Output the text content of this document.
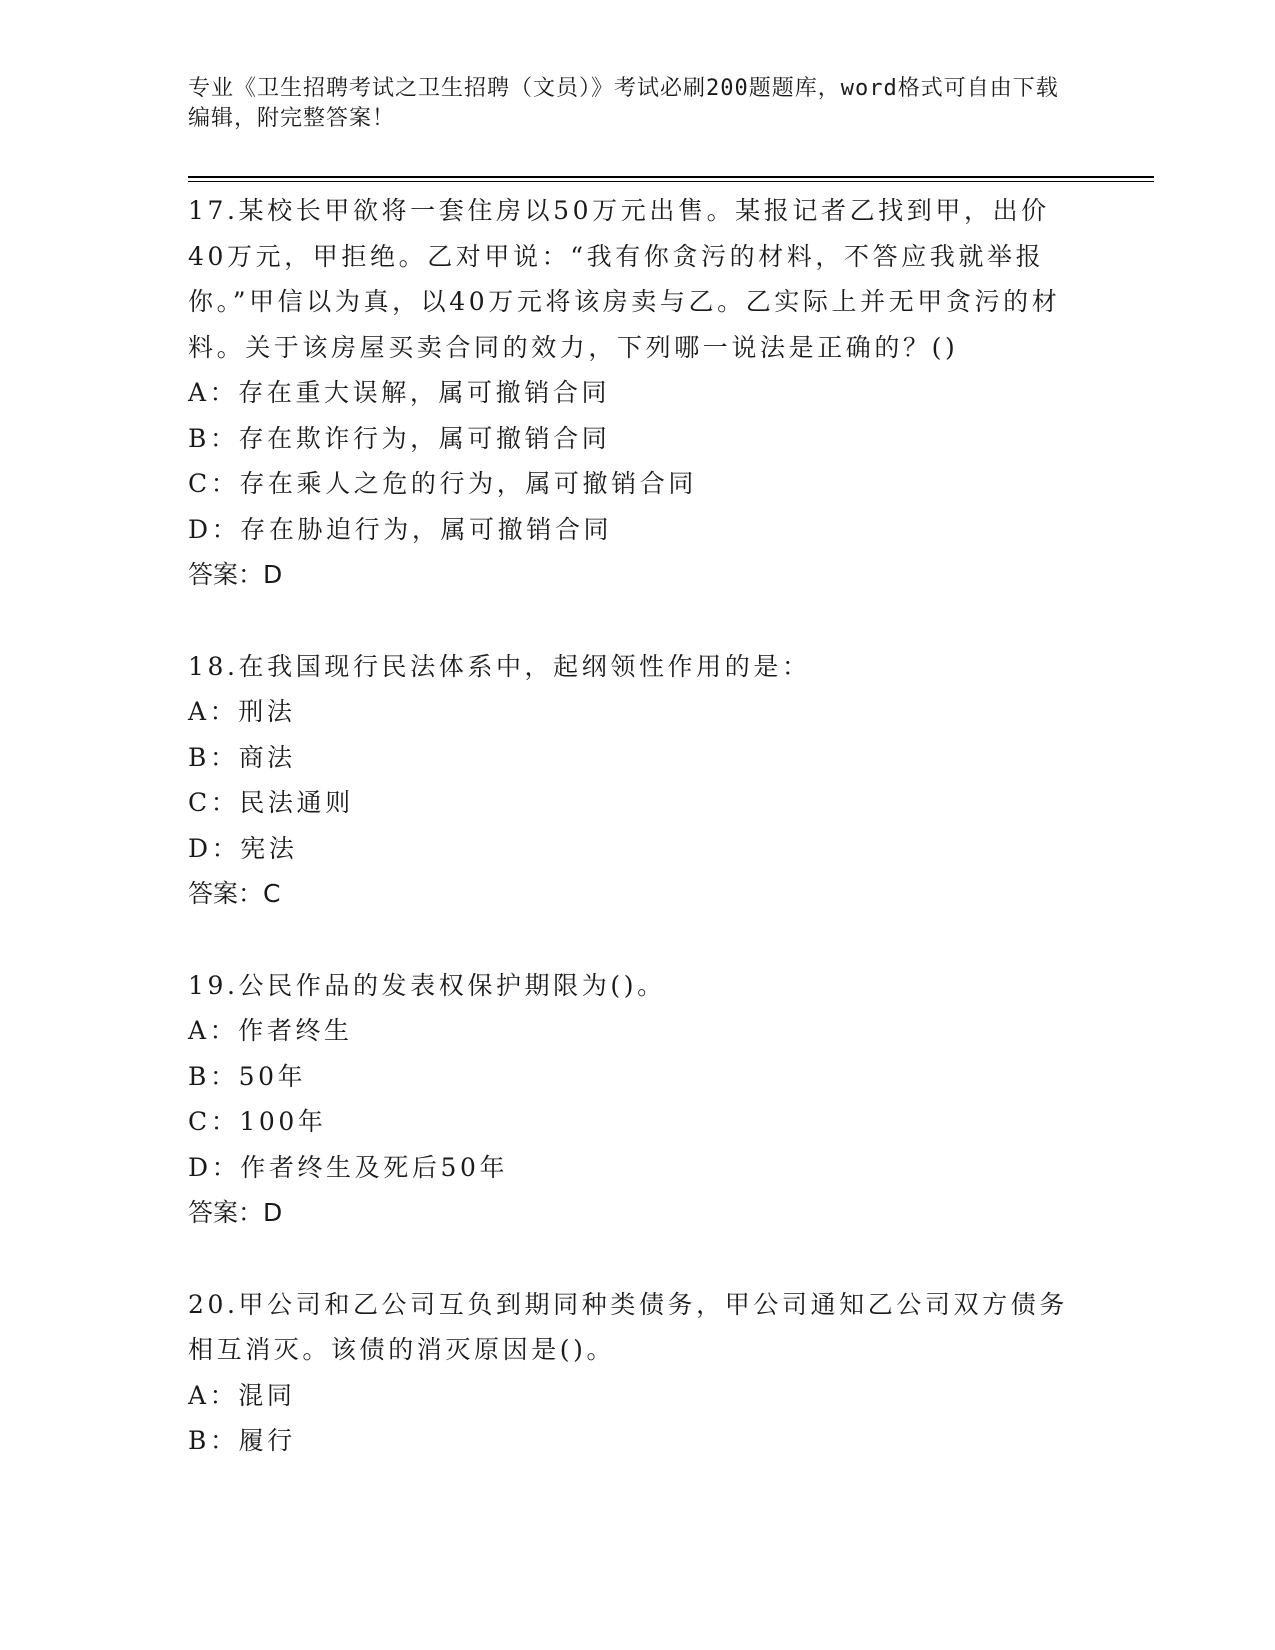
专业《卫生招聘考试之卫生招聘（文员）》考试必刷200题题库，word格式可自由下载编辑，附完整答案！

17.某校长甲欲将一套住房以50万元出售。某报记者乙找到甲，出价40万元，甲拒绝。乙对甲说：“我有你贪污的材料，不答应我就举报你。”甲信以为真，以40万元将该房卖与乙。乙实际上并无甲贪污的材料。关于该房屋买卖合同的效力，下列哪一说法是正确的？()

A：存在重大误解，属可撤销合同

B：存在欺诈行为，属可撤销合同

C：存在乘人之危的行为，属可撤销合同

D：存在胁迫行为，属可撤销合同

答案：D

18.在我国现行民法体系中，起纲领性作用的是：

A：刑法

B：商法

C：民法通则

D：宪法

答案：C

19.公民作品的发表权保护期限为()。

A：作者终生

B：50年

C：100年

D：作者终生及死后50年

答案：D

20.甲公司和乙公司互负到期同种类债务，甲公司通知乙公司双方债务相互消灭。该债的消灭原因是()。

A：混同

B：履行
